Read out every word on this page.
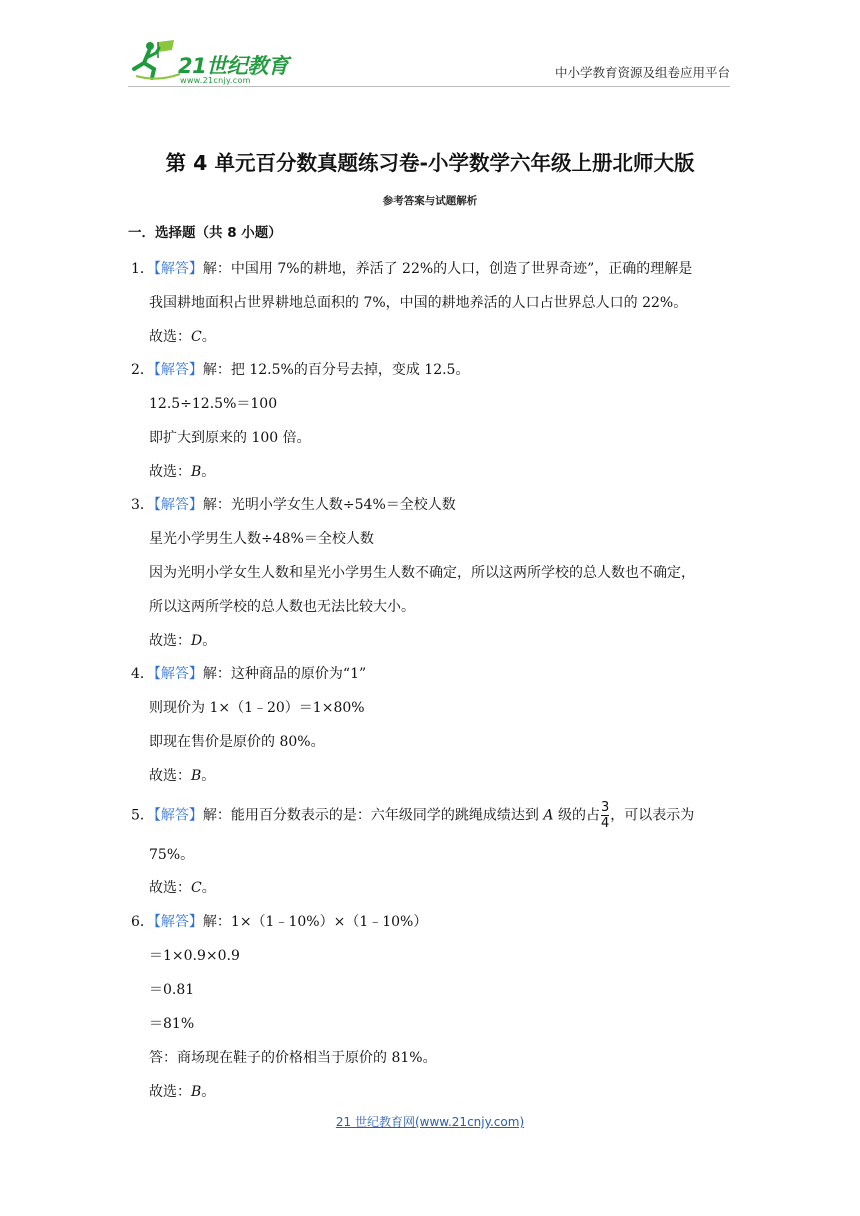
21世纪教育
www.21cnjy.com
中小学教育资源及组卷应用平台
第 4 单元百分数真题练习卷-小学数学六年级上册北师大版
参考答案与试题解析
一．选择题（共 8 小题）
1．【解答】解：中国用 7%的耕地，养活了 22%的人口，创造了世界奇迹”，正确的理解是
我国耕地面积占世界耕地总面积的 7%，中国的耕地养活的人口占世界总人口的 22%。
故选：C。
2．【解答】解：把 12.5%的百分号去掉，变成 12.5。
12.5÷12.5%＝100
即扩大到原来的 100 倍。
故选：B。
3．【解答】解：光明小学女生人数÷54%＝全校人数
星光小学男生人数÷48%＝全校人数
因为光明小学女生人数和星光小学男生人数不确定，所以这两所学校的总人数也不确定，
所以这两所学校的总人数也无法比较大小。
故选：D。
4．【解答】解：这种商品的原价为“1”
则现价为 1×（1﹣20）＝1×80%
即现在售价是原价的 80%。
故选：B。
5．【解答】解：能用百分数表示的是：六年级同学的跳绳成绩达到 A 级的占 $\frac{3}{4}$ ，可以表示为
75%。
故选：C。
6．【解答】解：1×（1﹣10%）×（1﹣10%）
＝1×0.9×0.9
＝0.81
＝81%
答：商场现在鞋子的价格相当于原价的 81%。
故选：B。
21 世纪教育网(www.21cnjy.com)
